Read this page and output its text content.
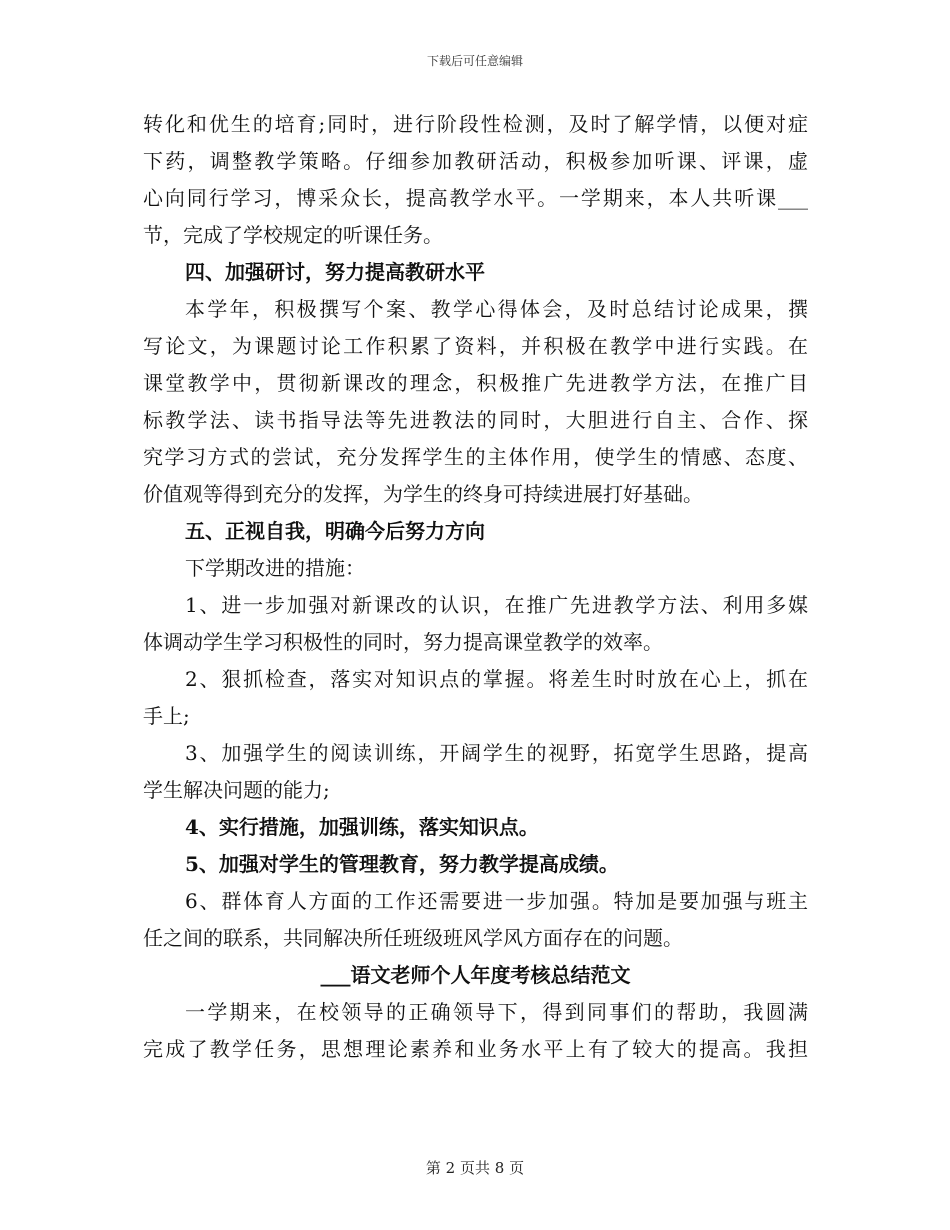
下载后可任意编辑
转化和优生的培育;同时，进行阶段性检测，及时了解学情，以便对症
下药，调整教学策略。仔细参加教研活动，积极参加听课、评课，虚
心向同行学习，博采众长，提高教学水平。一学期来，本人共听课___
节，完成了学校规定的听课任务。
四、加强研讨，努力提高教研水平
本学年，积极撰写个案、教学心得体会，及时总结讨论成果，撰
写论文，为课题讨论工作积累了资料，并积极在教学中进行实践。在
课堂教学中，贯彻新课改的理念，积极推广先进教学方法，在推广目
标教学法、读书指导法等先进教法的同时，大胆进行自主、合作、探
究学习方式的尝试，充分发挥学生的主体作用，使学生的情感、态度、
价值观等得到充分的发挥，为学生的终身可持续进展打好基础。
五、正视自我，明确今后努力方向
下学期改进的措施：
1、进一步加强对新课改的认识，在推广先进教学方法、利用多媒
体调动学生学习积极性的同时，努力提高课堂教学的效率。
2、狠抓检查，落实对知识点的掌握。将差生时时放在心上，抓在
手上;
3、加强学生的阅读训练，开阔学生的视野，拓宽学生思路，提高
学生解决问题的能力;
4、实行措施，加强训练，落实知识点。
5、加强对学生的管理教育，努力教学提高成绩。
6、群体育人方面的工作还需要进一步加强。特加是要加强与班主
任之间的联系，共同解决所任班级班风学风方面存在的问题。
___语文老师个人年度考核总结范文
一学期来，在校领导的正确领导下，得到同事们的帮助，我圆满
完成了教学任务，思想理论素养和业务水平上有了较大的提高。我担
第 2 页共 8 页
